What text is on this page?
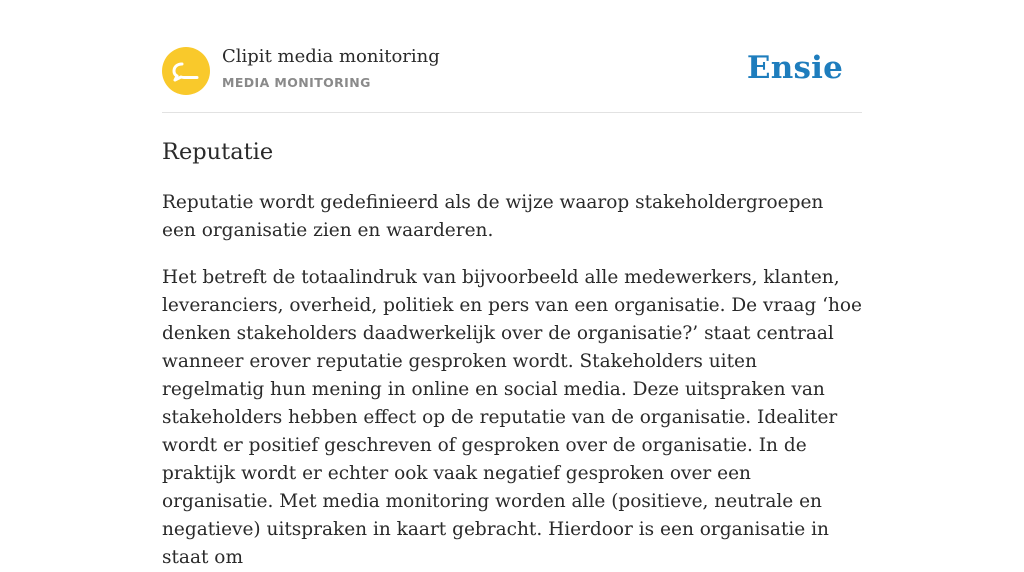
Clipit media monitoring
MEDIA MONITORING	Ensie
Reputatie

Reputatie wordt gedefinieerd als de wijze waarop stakeholdergroepen een organisatie zien en waarderen.

Het betreft de totaalindruk van bijvoorbeeld alle medewerkers, klanten, leveranciers, overheid, politiek en pers van een organisatie. De vraag ‘hoe denken stakeholders daadwerkelijk over de organisatie?’ staat centraal wanneer erover reputatie gesproken wordt. Stakeholders uiten regelmatig hun mening in online en social media. Deze uitspraken van stakeholders hebben effect op de reputatie van de organisatie. Idealiter wordt er positief geschreven of gesproken over de organisatie. In de praktijk wordt er echter ook vaak negatief gesproken over een organisatie. Met media monitoring worden alle (positieve, neutrale en negatieve) uitspraken in kaart gebracht. Hierdoor is een organisatie in staat om
